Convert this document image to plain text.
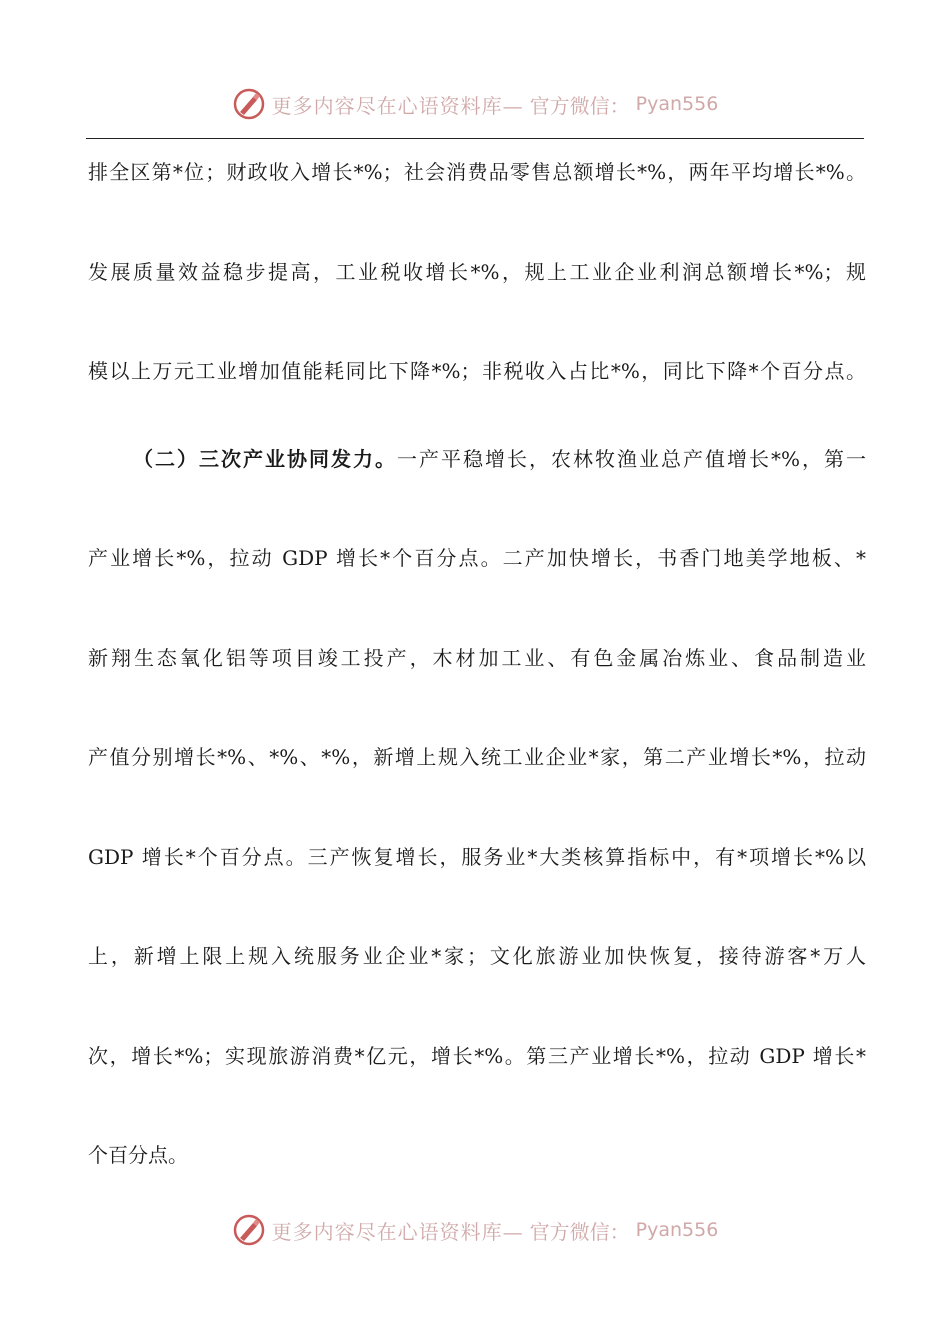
更多内容尽在心语资料库— 官方微信： Pyan556
排全区第*位；财政收入增长*%；社会消费品零售总额增长*%，两年平均增长*%。
发展质量效益稳步提高，工业税收增长*%，规上工业企业利润总额增长*%；规
模以上万元工业增加值能耗同比下降*%；非税收入占比*%，同比下降*个百分点。
（二）三次产业协同发力。一产平稳增长，农林牧渔业总产值增长*%，第一
产业增长*%，拉动 GDP 增长*个百分点。二产加快增长，书香门地美学地板、*
新翔生态氧化铝等项目竣工投产，木材加工业、有色金属冶炼业、食品制造业
产值分别增长*%、*%、*%，新增上规入统工业企业*家，第二产业增长*%，拉动
GDP 增长*个百分点。三产恢复增长，服务业*大类核算指标中，有*项增长*%以
上，新增上限上规入统服务业企业*家；文化旅游业加快恢复，接待游客*万人
次，增长*%；实现旅游消费*亿元，增长*%。第三产业增长*%，拉动 GDP 增长*
个百分点。
更多内容尽在心语资料库— 官方微信： Pyan556
